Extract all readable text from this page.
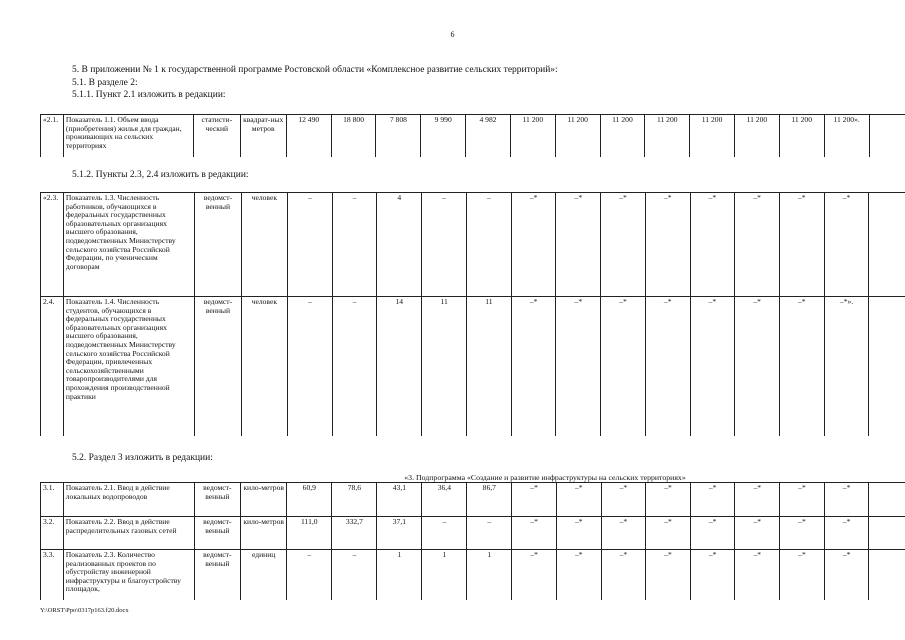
6
5. В приложении № 1 к государственной программе Ростовской области «Комплексное развитие сельских территорий»:
5.1. В разделе 2:
5.1.1. Пункт 2.1 изложить в редакции:
«2.1.	Показатель 1.1. Объем ввода (приобретения) жилья для граждан, проживающих на сельских территориях	статисти-ческий	квадрат-ных метров	12 490	18 800	7 808	9 990	4 982	11 200	11 200	11 200	11 200	11 200	11 200	11 200	11 200».	
5.1.2. Пункты 2.3, 2.4 изложить в редакции:
«2.3.	Показатель 1.3. Численность работников, обучающихся в федеральных государственных образовательных организациях высшего образования, подведомственных Министерству сельского хозяйства Российской Федерации, по ученическим договорам	ведомст-венный	человек	–	–	4	–	–	–*	–*	–*	–*	–*	–*	–*	–*	
2.4.	Показатель 1.4. Численность студентов, обучающихся в федеральных государственных образовательных организациях высшего образования, подведомственных Министерству сельского хозяйства Российской Федерации, привлеченных сельскохозяйственными товаропроизводителями для прохождения производственной практики	ведомст-венный	человек	–	–	14	11	11	–*	–*	–*	–*	–*	–*	–*	–*».	
5.2. Раздел 3 изложить в редакции:
«3. Подпрограмма «Создание и развитие инфраструктуры на сельских территориях»
3.1.	Показатель 2.1. Ввод в действие локальных водопроводов	ведомст-венный	кило-метров	60,9	78,6	43,1	36,4	86,7	–*	–*	–*	–*	–*	–*	–*	–*	
3.2.	Показатель 2.2. Ввод в действие распределительных газовых сетей	ведомст-венный	кило-метров	111,0	332,7	37,1	–	–	–*	–*	–*	–*	–*	–*	–*	–*	
3.3.	Показатель 2.3. Количество реализованных проектов по обустройству инженерной инфраструктуры и благоустройству площадок,	ведомст-венный	единиц	–	–	1	1	1	–*	–*	–*	–*	–*	–*	–*	–*	
Y:\ORST\Ppo\0317p163.f20.docx
